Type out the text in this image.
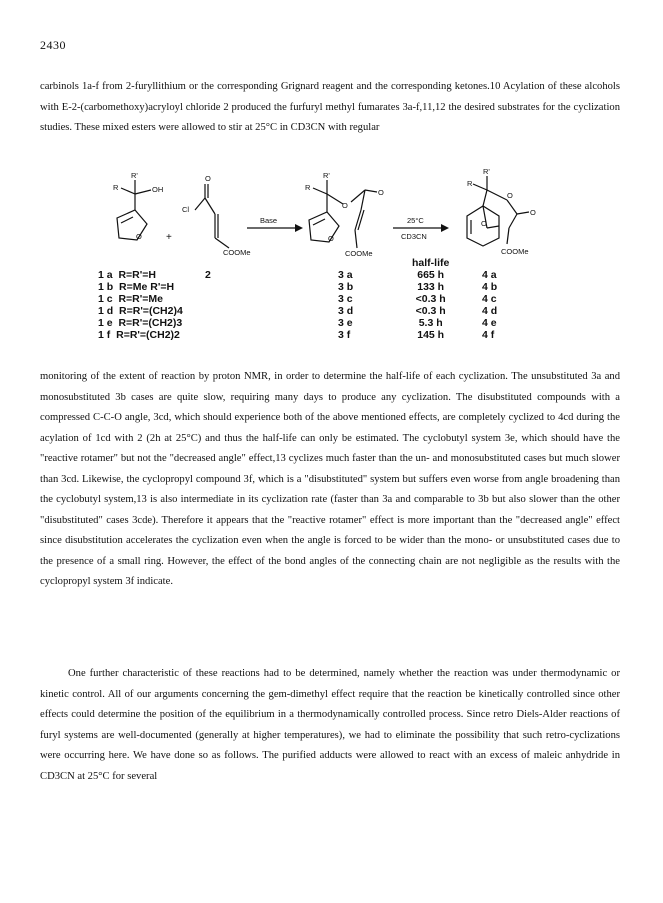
2430

carbinols 1a-f from 2-furyllithium or the corresponding Grignard reagent and the corresponding ketones.10 Acylation of these alcohols with E-2-(carbomethoxy)acryloyl chloride 2 produced the furfuryl methyl fumarates 3a-f,11,12 the desired substrates for the cyclization studies. These mixed esters were allowed to stir at 25°C in CD3CN with regular

R'
R	OH
O
O
Cl
+
COOMe
Base
R'
R
O
O
O
COOMe
25°C
CD3CN
R'
R
O
O
O
COOMe
1 a R=R'=H
1 b R=Me R'=H
1 c R=R'=Me
1 d R=R'=(CH2)4
1 e R=R'=(CH2)3
1 f R=R'=(CH2)2
2	3 a
3 b
3 c
3 d
3 e
3 f
half-life
665 h
133 h
<0.3 h
<0.3 h
5.3 h
145 h
4 a
4 b
4 c
4 d
4 e
4 f

monitoring of the extent of reaction by proton NMR, in order to determine the half-life of each cyclization. The unsubstituted 3a and monosubstituted 3b cases are quite slow, requiring many days to produce any cyclization. The disubstituted compounds with a compressed C-C-O angle, 3cd, which should experience both of the above mentioned effects, are completely cyclized to 4cd during the acylation of 1cd with 2 (2h at 25°C) and thus the half-life can only be estimated. The cyclobutyl system 3e, which should have the "reactive rotamer" but not the "decreased angle" effect,13 cyclizes much faster than the un- and monosubstituted cases but much slower than 3cd. Likewise, the cyclopropyl compound 3f, which is a "disubstituted" system but suffers even worse from angle broadening than the cyclobutyl system,13 is also intermediate in its cyclization rate (faster than 3a and comparable to 3b but also slower than the other "disubstituted" cases 3cde). Therefore it appears that the "reactive rotamer" effect is more important than the "decreased angle" effect since disubstitution accelerates the cyclization even when the angle is forced to be wider than the mono- or unsubstituted cases due to the presence of a small ring. However, the effect of the bond angles of the connecting chain are not negligible as the results with the cyclopropyl system 3f indicate.

One further characteristic of these reactions had to be determined, namely whether the reaction was under thermodynamic or kinetic control. All of our arguments concerning the gem-dimethyl effect require that the reaction be kinetically controlled since other effects could determine the position of the equilibrium in a thermodynamically controlled process. Since retro Diels-Alder reactions of furyl systems are well-documented (generally at higher temperatures), we had to eliminate the possibility that such retro-cyclizations were occurring here. We have done so as follows. The purified adducts were allowed to react with an excess of maleic anhydride in CD3CN at 25°C for several
